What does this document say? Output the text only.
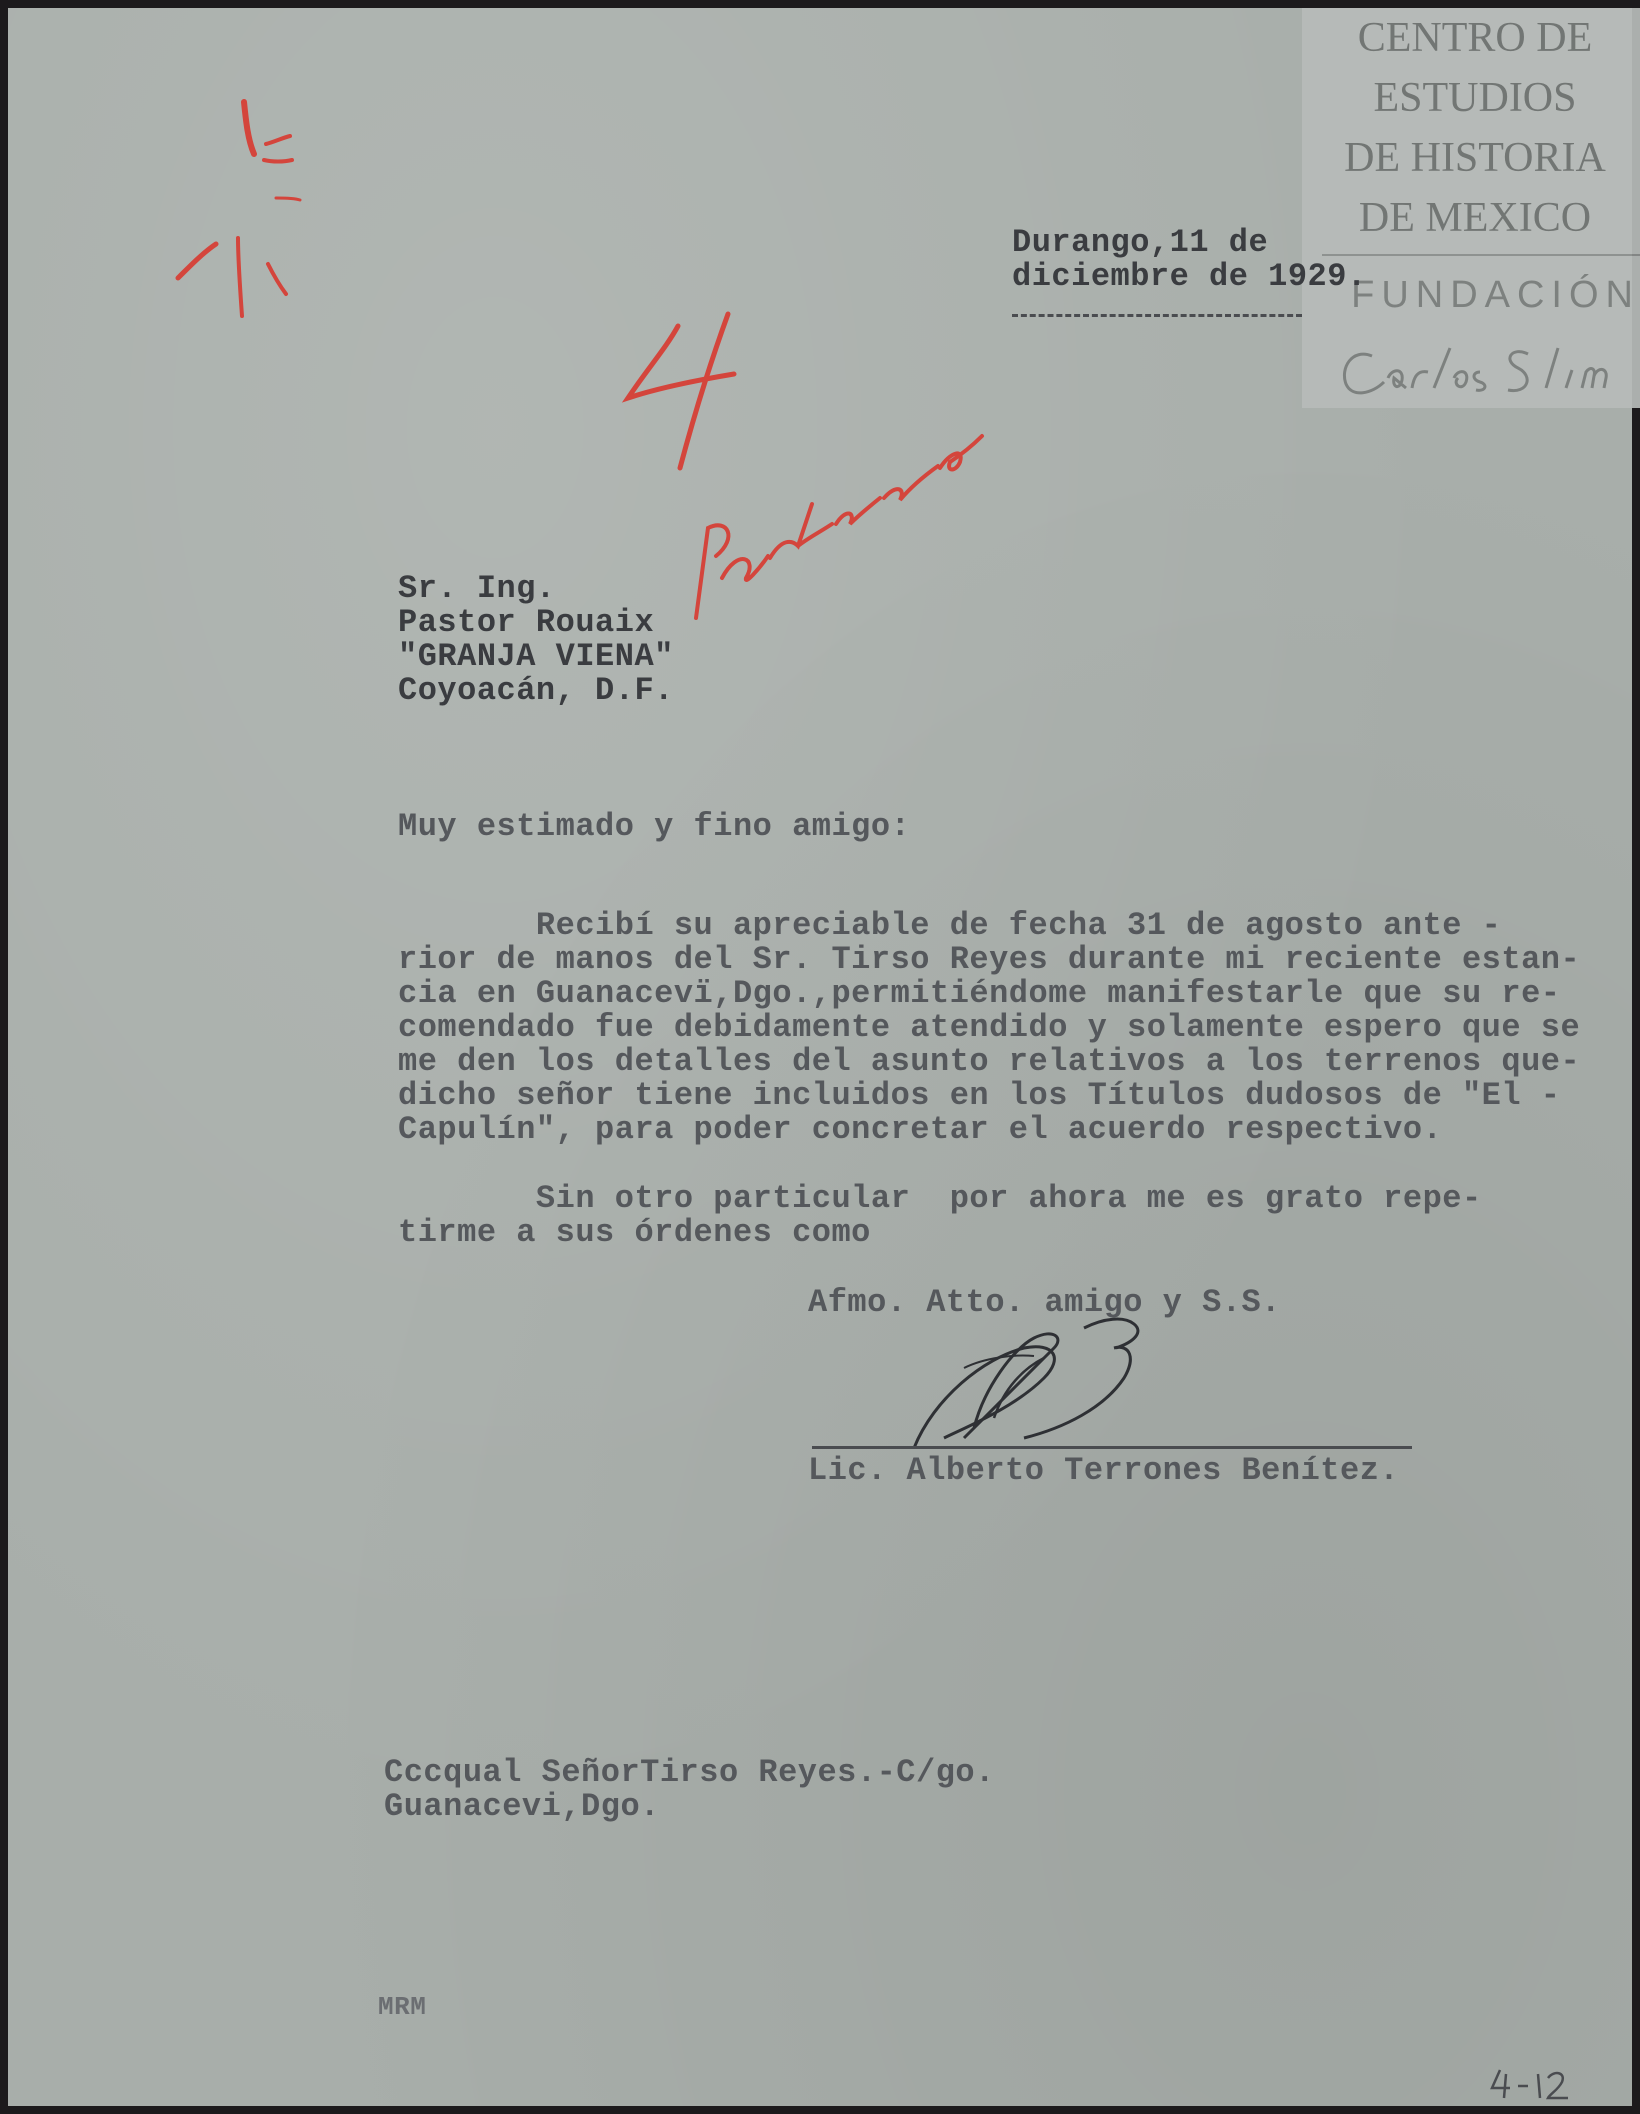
CENTRO DE
ESTUDIOS
DE HISTORIA
DE MEXICO
FUNDACIÓN

Durango,11 de

diciembre de 1929.

Sr. Ing.

Pastor Rouaix

"GRANJA VIENA"

Coyoacán, D.F.

Muy estimado y fino amigo:

Recibí su apreciable de fecha 31 de agosto ante -

rior de manos del Sr. Tirso Reyes durante mi reciente estan-

cia en Guanacevï,Dgo.,permitiéndome manifestarle que su re-

comendado fue debidamente atendido y solamente espero que se

me den los detalles del asunto relativos a los terrenos que-

dicho señor tiene incluidos en los Títulos dudosos de "El -

Capulín", para poder concretar el acuerdo respectivo.

Sin otro particular  por ahora me es grato repe-

tirme a sus órdenes como

Afmo. Atto. amigo y S.S.

Lic. Alberto Terrones Benítez.

Cccqual SeñorTirso Reyes.-C/go.

Guanacevi,Dgo.

MRM
